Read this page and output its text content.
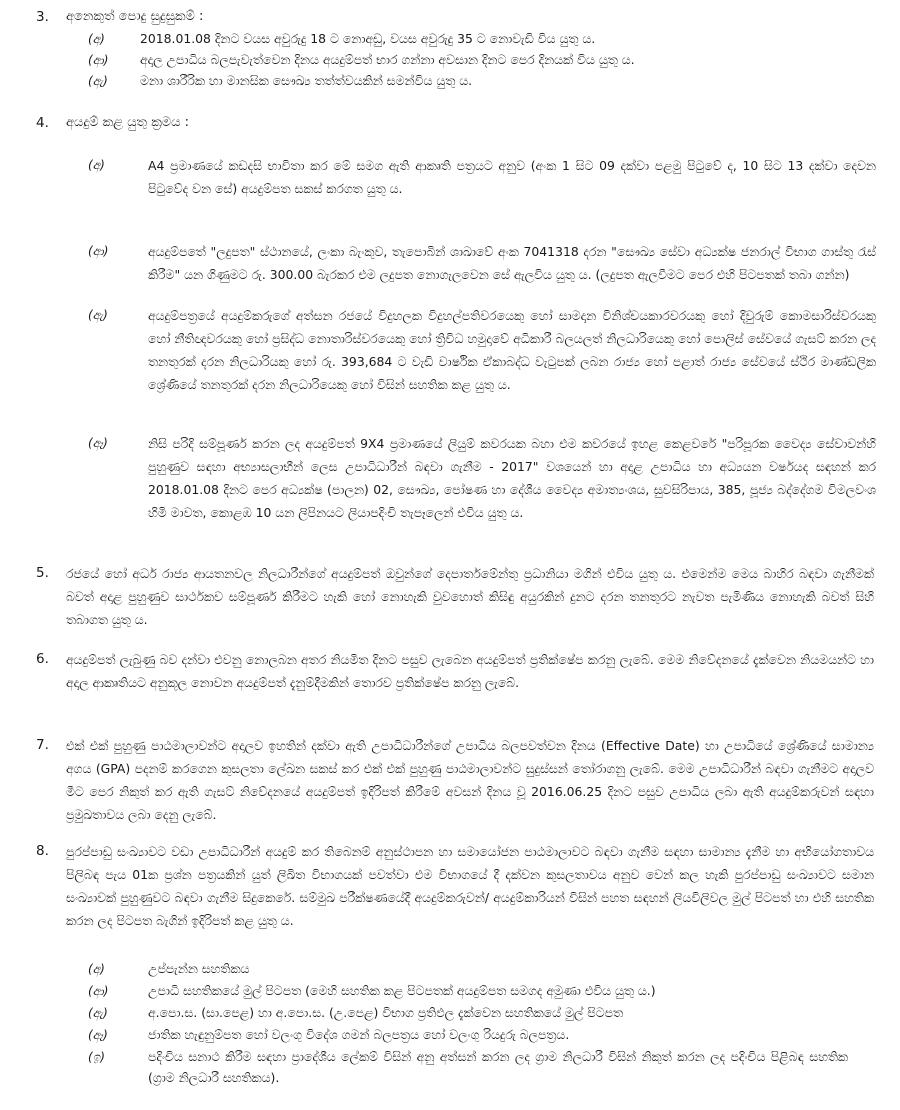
3. අනෙකුත් පොදු සුදුසුකම් :
(අ)	2018.01.08 දිනට වයස අවුරුදු 18 ට නොඅඩු, වයස අවුරුදු 35 ට නොවැඩි විය යුතු ය.
(ආ)	අදාල උපාධිය බලපැවැත්වෙන දිනය අයදුම්පත් භාර ගන්නා අවසාන දිනට පෙර දිනයක් විය යුතු ය.
(ඇ)	මනා ශාරීරික හා මානසික සෞඛ්‍ය තත්ත්වයකින් සමන්විය යුතු ය.
4. අයදුම් කළ යුතු ක්‍රමය :
(අ)	A4 ප්‍රමාණයේ කඩදසි භාවිතා කර මේ සමග ඇති ආකෘති පත්‍රයට අනුව (අංක 1 සිට 09 දක්වා පළමු පිටුවේ ද, 10 සිට 13 දක්වා දෙවන පිටුවේද වන සේ) අයදුම්පත සකස් කරගත යුතු ය.
(ආ)	අයදුම්පතේ "ලදුපත" ස්ථානයේ, ලංකා බැංකුව, තැපොබින් ශාඛාවේ අංක 7041318 දරන "සෞඛ්‍ය සේවා අධ්‍යක්ෂ ජනරාල් විභාග ගාස්තු රැස් කිරීම" යන ගිණුමට රු. 300.00 බැරකර එම ලදුපත නොගැලවෙන සේ ඇලවිය යුතු ය. (ලදුපත ඇලවීමට පෙර එහි පිටපතක් තබා ගන්න)
(ඇ)	අයදුම්පත්‍රයේ අයදුම්කරුගේ අත්සන රජයේ විදුහලක විදුහල්පතිවරයෙකු හෝ සාමදාන විනිශ්චයකාරවරයකු හෝ දිවුරුම් කොමසාරිස්වරයකු හෝ නීතිඥවරයකු හෝ ප්‍රසිද්ධ නොතාරිස්වරයෙකු හෝ ත්‍රිවිධ හමුදාවේ අධිකාරී බලයලත් නිලධාරියෙකු හෝ පොලිස් සේවයේ ගැසට් කරන ලද තනතුරක් දරන නිලධාරියකු හෝ රු. 393,684 ට වැඩි වාර්ෂික ඒකාබද්ධ වැටුපක් ලබන රාජ්‍ය හෝ පළාත් රාජ්‍ය සේවයේ ස්ථිර මාණ්ඩලික ශ්‍රේණියේ තනතුරක් දරන නිලධාරියෙකු හෝ විසින් සහතික කළ යුතු ය.
(ඈ)	නිසි පරිදි සම්පූර්ණ කරන ලද අයදුම්පත් 9X4 ප්‍රමාණයේ ලියුම් කවරයක බහා එම කවරයේ ඉහළ කෙළවරේ "පරිපූරක වෛද්‍ය සේවාවන්හි පුහුණුව සඳහා අභ්‍යාසලාභීන් ලෙස උපාධිධාරීන් බඳවා ගැනීම - 2017" වශයෙන් හා අදාළ උපාධිය හා අධ්‍යයන වර්ෂයද සඳහන් කර 2018.01.08 දිනට පෙර අධ්‍යක්ෂ (පාලන) 02, සෞඛ්‍ය, පෝෂණ හා දේශීය වෛද්‍ය අමාත්‍යංශය, සුවසිරිපාය, 385, පූජ්‍ය බද්දේගම විමලවංශ හිමි මාවත, කොළඹ 10 යන ලිපිනයට ලියාපදිංචි තැපෑලෙන් එවිය යුතු ය.
5. රජයේ හෝ අර්ධ රාජ්‍ය ආයතනවල නිලධාරීන්ගේ අයදුම්පත් ඔවුන්ගේ දෙපාර්තමේන්තු ප්‍රධානියා මගින් එවිය යුතු ය. එමෙන්ම මෙය බාහිර බඳවා ගැනීමක් බවත් අදාළ පුහුණුව සාර්ථකව සම්පූර්ණ කිරීමට හැකි හෝ නොහැකි වුවහොත් කිසිඳු අයුරකින් දුනට දරන තනතුරට නැවත පැමිණිය නොහැකි බවත් සිහි තබාගත යුතු ය.
6. අයදුම්පත් ලැබුණු බව දන්වා එවනු නොලබන අතර නියමිත දිනට පසුව ලැබෙන අයදුම්පත් ප්‍රතික්ෂේප කරනු ලැබේ. මෙම නිවේදනයේ දැක්වෙන නියමයන්ට හා අදාල ආකෘතියට අනුකූල නොවන අයදුම්පත් දැනුම්දීමකින් තොරව ප්‍රතික්ෂේප කරනු ලැබේ.
7. එක් එක් පුහුණු පාඨමාලාවන්ට අදාලව ඉහතින් දක්වා ඇති උපාධිධාරීන්ගේ උපාධිය බලපවත්වන දිනය (Effective Date) හා උපාධියේ ශ්‍රේණියේ සාමාන්‍ය අගය (GPA) පදනම් කරගෙන කුසලතා ලේඛන සකස් කර එක් එක් පුහුණු පාඨමාලාවන්ට සුදුස්සන් තෝරාගනු ලැබේ. මෙම උපාධිධාරීන් බඳවා ගැනීමට අදාලව මීට පෙර නිකුත් කර ඇති ගැසට් නිවේදනයේ අයදුම්පත් ඉදිරිපත් කිරීමේ අවසන් දිනය වූ 2016.06.25 දිනට පසුව උපාධිය ලබා ඇති අයදුම්කරුවන් සඳහා ප්‍රමුඛතාවය ලබා දෙනු ලැබේ.
8. පුරප්පාඩු සංඛ්‍යාවට වඩා උපාධිධාරීන් අයදුම් කර තිබෙනම් අනුස්ථාපන හා සමායෝජන පාඨමාලාවට බඳවා ගැනීම සඳහා සාමාන්‍ය දැනීම හා අභියෝගතාවය පිලිබඳ පැය 01ක ප්‍රශ්න පත්‍රයකින් යුත් ලිඛිත විභාගයක් පවත්වා එම විභාගයේ දී දක්වන කුසලතාවය අනුව වෙන් කල හැකි පුරප්පාඩු සංඛ්‍යාවට සමාන සංඛ්‍යාවක් පුහුණුවට බඳවා ගැනීම සිදුකෙරේ. සම්මුඛ පරීක්ෂණයේදී අයදුම්කරුවන්/ අයදුම්කාරියන් විසින් පහත සඳහන් ලියවිලිවල මුල් පිටපත් හා එහි සහතික කරන ලද පිටපත බැගින් ඉදිරිපත් කළ යුතු ය.
(අ)	උප්පැන්න සහතිකය
(ආ)	උපාධි සහතිකයේ මුල් පිටපත (මෙහි සහතික කළ පිටපතක් අයදුම්පත සමගද අමුණා එවිය යුතු ය.)
(ඇ)	අ.පො.ස. (සා.පෙළ) හා අ.පො.ස. (උ.පෙළ) විභාග ප්‍රතිඵල දැක්වෙන සහතිකයේ මුල් පිටපත
(ඈ)	ජාතික හැඳුනුම්පත හෝ වලංගු විදේශ ගමන් බලපත්‍රය හෝ වලංගු රියදුරු බලපත්‍රය.
(ඉ)	පදිංචිය සනාථ කිරීම සඳහා ප්‍රාදේශීය ලේකම් විසින් අනු අත්සන් කරන ලද ග්‍රාම නිලධාරී විසින් නිකුත් කරන ලද පදිංචිය පිළිබඳ සහතික (ග්‍රාම නිලධාරී සහතිකය).
